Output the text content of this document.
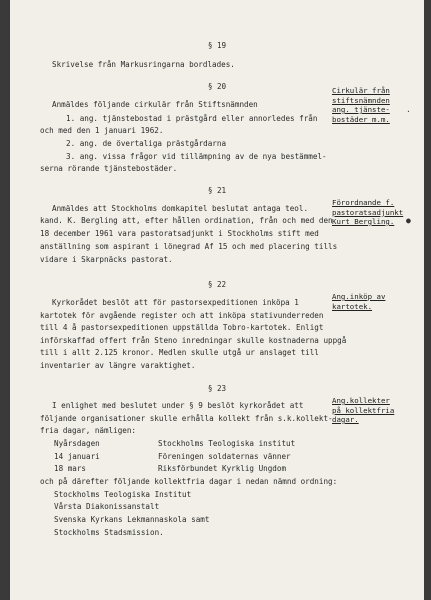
§ 19
Skrivelse från Markusringarna bordlades.
§ 20
Anmäldes följande cirkulär från Stiftsnämnden
1. ang. tjänstebostad i prästgård eller annorledes från
och med den 1 januari 1962.
2. ang. de övertaliga prästgårdarna
3. ang. vissa frågor vid tillämpning av de nya bestämmel-
serna rörande tjänstebostäder.
Cirkulär från
stiftsnämnden
ang. tjänste-
bostäder m.m.
§ 21
Anmäldes att Stockholms domkapitel beslutat antaga teol.
kand. K. Bergling att, efter hållen ordination, från och med den
18 december 1961 vara pastoratsadjunkt i Stockholms stift med
anställning som aspirant i lönegrad Af 15 och med placering tills
vidare i Skarpnäcks pastorat.
Förordnande f.
pastoratsadjunkt
Kurt Bergling.
§ 22
Kyrkorådet beslöt att för pastorsexpeditionen inköpa 1
kartotek för avgående register och att inköpa stativunderreden
till 4 å pastorsexpeditionen uppställda Tobro-kartotek. Enligt
införskaffad offert från Steno inredningar skulle kostnaderna uppgå
till i allt 2.125 kronor. Medlen skulle utgå ur anslaget till
inventarier av längre varaktighet.
Ang.inköp av
kartotek.
§ 23
I enlighet med beslutet under § 9 beslöt kyrkorådet att
följande organisationer skulle erhålla kollekt från s.k.kollekt-
fria dagar, nämligen:
Nyårsdagen	Stockholms Teologiska institut
14 januari	Föreningen soldaternas vänner
18 mars	Riksförbundet Kyrklig Ungdom
och på därefter följande kollektfria dagar i nedan nämnd ordning:
Stockholms Teologiska Institut
Vårsta Diakonissanstalt
Svenska Kyrkans Lekmannaskola samt
Stockholms Stadsmission.
Ang.kollekter
på kollektfria
dagar.
.
●
